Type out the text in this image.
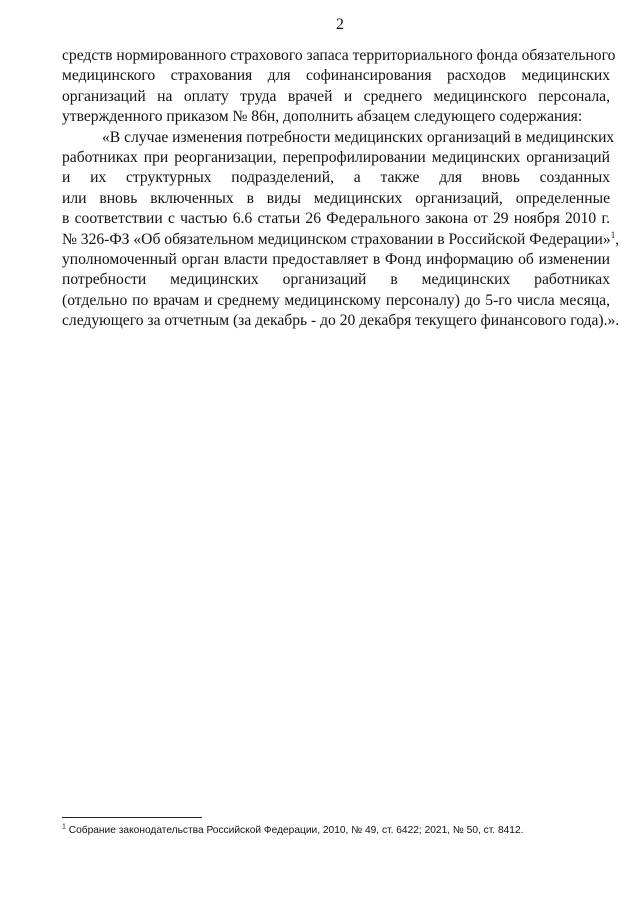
2
средств нормированного страхового запаса территориального фонда обязательного
медицинского страхования для софинансирования расходов медицинских
организаций на оплату труда врачей и среднего медицинского персонала,
утвержденного приказом № 86н, дополнить абзацем следующего содержания:
«В случае изменения потребности медицинских организаций в медицинских
работниках при реорганизации, перепрофилировании медицинских организаций
и их структурных подразделений, а также для вновь созданных
или вновь включенных в виды медицинских организаций, определенные
в соответствии с частью 6.6 статьи 26 Федерального закона от 29 ноября 2010 г.
№ 326-ФЗ «Об обязательном медицинском страховании в Российской Федерации»$^1$,
уполномоченный орган власти предоставляет в Фонд информацию об изменении
потребности медицинских организаций в медицинских работниках
(отдельно по врачам и среднему медицинскому персоналу) до 5-го числа месяца,
следующего за отчетным (за декабрь - до 20 декабря текущего финансового года).».
$^1$ Собрание законодательства Российской Федерации, 2010, № 49, ст. 6422; 2021, № 50, ст. 8412.
